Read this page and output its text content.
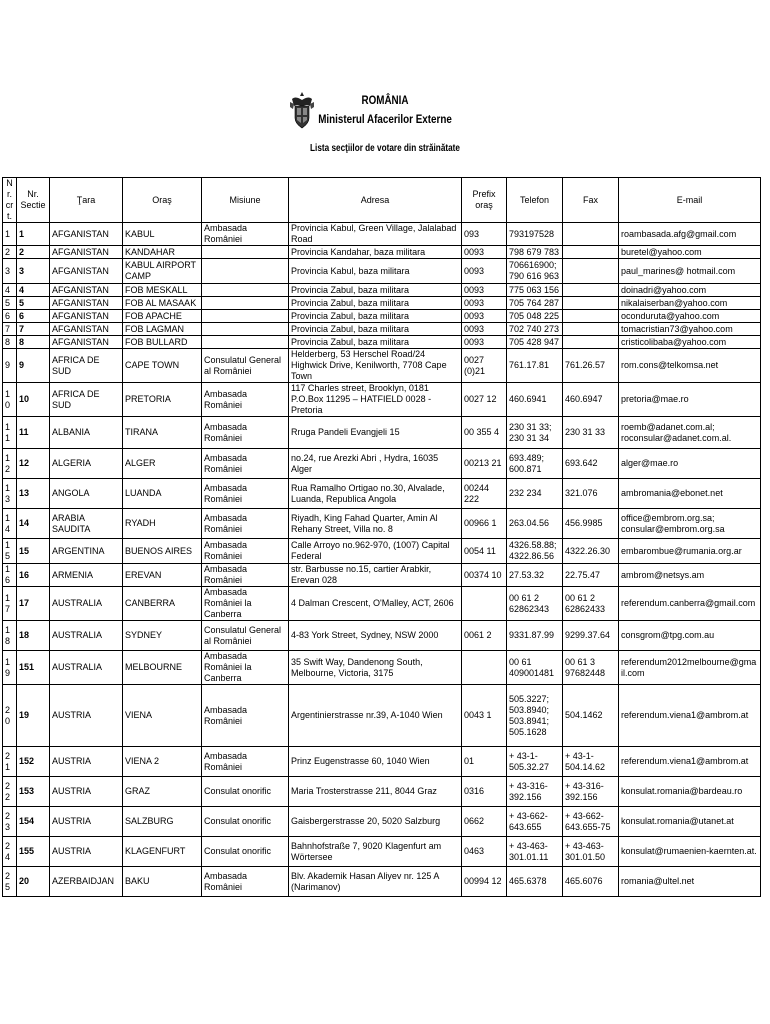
ROMÂNIA
Ministerul Afacerilor Externe
Lista secţiilor de votare din străinătate
Nr. crt.	Nr. Sectie	Ţara	Oraş	Misiune	Adresa	Prefix oraş	Telefon	Fax	E-mail
1	1	AFGANISTAN	KABUL	Ambasada României	Provincia Kabul, Green Village, Jalalabad Road	093	793197528		roambasada.afg@gmail.com
2	2	AFGANISTAN	KANDAHAR		Provincia Kandahar, baza militara	0093	798 679 783		buretel@yahoo.com
3	3	AFGANISTAN	KABUL AIRPORT CAMP		Provincia Kabul, baza militara	0093	706616900; 790 616 963		paul_marines@ hotmail.com
4	4	AFGANISTAN	FOB MESKALL		Provincia Zabul, baza militara	0093	775 063 156		doinadri@yahoo.com
5	5	AFGANISTAN	FOB AL MASAAK		Provincia Zabul, baza militara	0093	705 764 287		nikalaiserban@yahoo.com
6	6	AFGANISTAN	FOB APACHE		Provincia Zabul, baza militara	0093	705 048 225		oconduruta@yahoo.com
7	7	AFGANISTAN	FOB LAGMAN		Provincia Zabul, baza militara	0093	702 740 273		tomacristian73@yahoo.com
8	8	AFGANISTAN	FOB BULLARD		Provincia Zabul, baza militara	0093	705 428 947		cristicolibaba@yahoo.com
9	9	AFRICA DE SUD	CAPE TOWN	Consulatul General al României	Helderberg, 53 Herschel Road/24 Highwick Drive, Kenilworth, 7708 Cape Town	0027 (0)21	761.17.81	761.26.57	rom.cons@telkomsa.net
10	10	AFRICA DE SUD	PRETORIA	Ambasada României	117 Charles street, Brooklyn, 0181 P.O.Box 11295 – HATFIELD 0028 - Pretoria	0027 12	460.6941	460.6947	pretoria@mae.ro
11	11	ALBANIA	TIRANA	Ambasada României	Rruga Pandeli Evangjeli 15	00 355 4	230 31 33; 230 31 34	230 31 33	roemb@adanet.com.al; roconsular@adanet.com.al.
12	12	ALGERIA	ALGER	Ambasada României	no.24, rue Arezki Abri , Hydra, 16035 Alger	00213 21	693.489; 600.871	693.642	alger@mae.ro
13	13	ANGOLA	LUANDA	Ambasada României	Rua Ramalho Ortigao no.30, Alvalade, Luanda, Republica Angola	00244 222	232 234	321.076	ambromania@ebonet.net
14	14	ARABIA SAUDITA	RYADH	Ambasada României	Riyadh, King Fahad Quarter, Amin Al Rehany Street, Villa no. 8	00966 1	263.04.56	456.9985	office@embrom.org.sa; consular@embrom.org.sa
15	15	ARGENTINA	BUENOS AIRES	Ambasada României	Calle Arroyo no.962-970, (1007) Capital Federal	0054 11	4326.58.88; 4322.86.56	4322.26.30	embarombue@rumania.org.ar
16	16	ARMENIA	EREVAN	Ambasada României	str. Barbusse no.15, cartier Arabkir, Erevan 028	00374 10	27.53.32	22.75.47	ambrom@netsys.am
17	17	AUSTRALIA	CANBERRA	Ambasada României la Canberra	4 Dalman Crescent, O'Malley, ACT, 2606		00 61 2 62862343	00 61 2 62862433	referendum.canberra@gmail.com
18	18	AUSTRALIA	SYDNEY	Consulatul General al României	4-83 York Street, Sydney, NSW 2000	0061 2	9331.87.99	9299.37.64	consgrom@tpg.com.au
19	151	AUSTRALIA	MELBOURNE	Ambasada României la Canberra	35 Swift Way, Dandenong South, Melbourne, Victoria, 3175		00 61 409001481	00 61 3 97682448	referendum2012melbourne@gmail.com
20	19	AUSTRIA	VIENA	Ambasada României	Argentinierstrasse nr.39, A-1040 Wien	0043 1	505.3227; 503.8940; 503.8941; 505.1628	504.1462	referendum.viena1@ambrom.at
21	152	AUSTRIA	VIENA 2	Ambasada României	Prinz Eugenstrasse 60, 1040 Wien	01	+ 43-1-505.32.27	+ 43-1-504.14.62	referendum.viena1@ambrom.at
22	153	AUSTRIA	GRAZ	Consulat onorific	Maria Trosterstrasse 211, 8044 Graz	0316	+ 43-316-392.156	+ 43-316-392.156	konsulat.romania@bardeau.ro
23	154	AUSTRIA	SALZBURG	Consulat onorific	Gaisbergerstrasse 20, 5020 Salzburg	0662	+ 43-662-643.655	+ 43-662-643.655-75	konsulat.romania@utanet.at
24	155	AUSTRIA	KLAGENFURT	Consulat onorific	Bahnhofstraße 7, 9020 Klagenfurt am Wörtersee	0463	+ 43-463-301.01.11	+ 43-463-301.01.50	konsulat@rumaenien-kaernten.at.
25	20	AZERBAIDJAN	BAKU	Ambasada României	Blv. Akademik Hasan Aliyev nr. 125 A (Narimanov)	00994 12	465.6378	465.6076	romania@ultel.net
